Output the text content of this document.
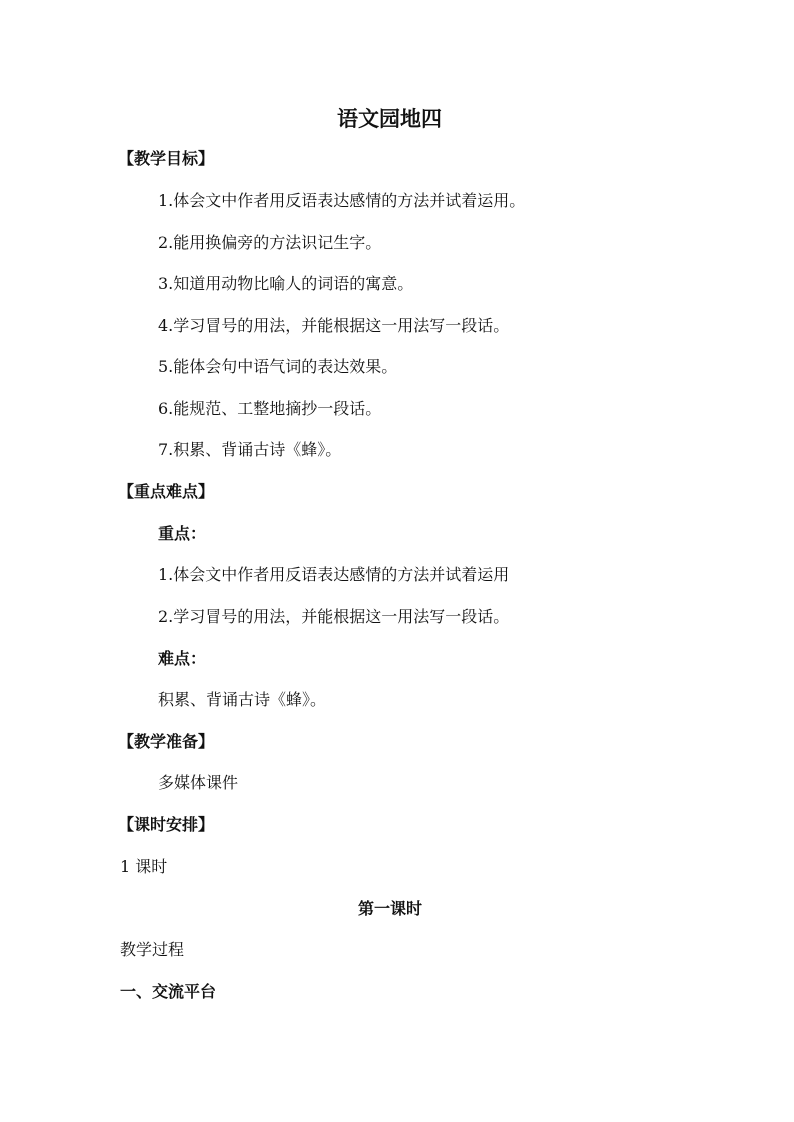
语文园地四
【教学目标】
1.体会文中作者用反语表达感情的方法并试着运用。
2.能用换偏旁的方法识记生字。
3.知道用动物比喻人的词语的寓意。
4.学习冒号的用法，并能根据这一用法写一段话。
5.能体会句中语气词的表达效果。
6.能规范、工整地摘抄一段话。
7.积累、背诵古诗《蜂》。
【重点难点】
重点：
1.体会文中作者用反语表达感情的方法并试着运用
2.学习冒号的用法，并能根据这一用法写一段话。
难点：
积累、背诵古诗《蜂》。
【教学准备】
多媒体课件
【课时安排】
1 课时
第一课时
教学过程
一、交流平台
